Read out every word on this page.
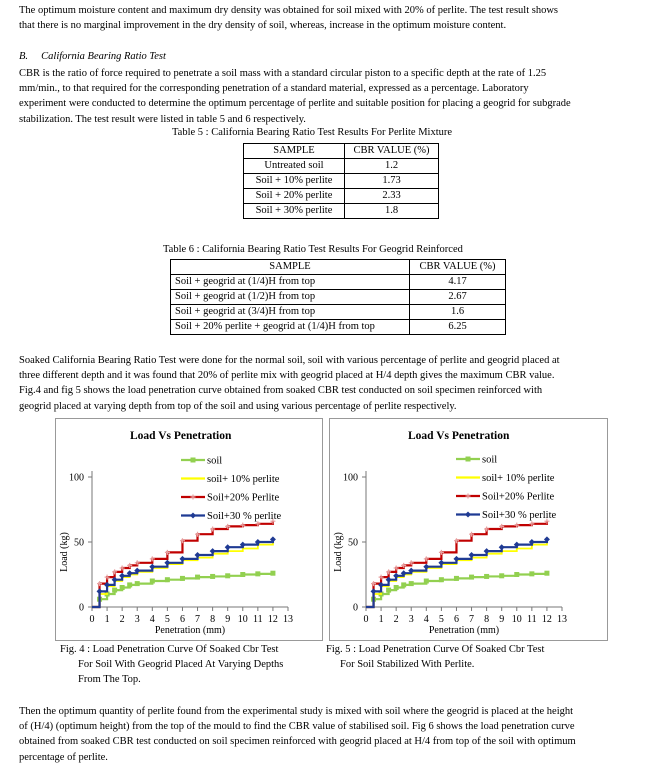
The optimum moisture content and maximum dry density was obtained for soil mixed with 20% of perlite. The test result shows
that there is no marginal improvement in the dry density of soil, whereas, increase in the optimum moisture content.
B.     California Bearing Ratio Test
CBR is the ratio of force required to penetrate a soil mass with a standard circular piston to a specific depth at the rate of 1.25
mm/min., to that required for the corresponding penetration of a standard material, expressed as a percentage. Laboratory
experiment were conducted to determine the optimum percentage of perlite and suitable position for placing a geogrid for subgrade
stabilization. The test result were listed in table 5 and 6 respectively.
Table 5 : California Bearing Ratio Test Results For Perlite Mixture
SAMPLE	CBR VALUE (%)
Untreated soil	1.2
Soil + 10% perlite	1.73
Soil + 20% perlite	2.33
Soil + 30% perlite	1.8
Table 6 : California Bearing Ratio Test Results For Geogrid Reinforced
SAMPLE	CBR VALUE (%)
Soil + geogrid at (1/4)H from top	4.17
Soil + geogrid at (1/2)H from top	2.67
Soil + geogrid at (3/4)H from top	1.6
Soil + 20% perlite + geogrid at (1/4)H from top	6.25
Soaked California Bearing Ratio Test were done for the normal soil, soil with various percentage of perlite and geogrid placed at
three different depth and it was found that 20% of perlite mix with geogrid placed at H/4 depth gives the maximum CBR value.
Fig.4 and fig 5 shows the load penetration curve obtained from soaked CBR test conducted on soil specimen reinforced with
geogrid placed at varying depth from top of the soil and using various percentage of perlite respectively.
Load Vs Penetration
0
50
100
0 1 2 3 4 5 6 7 8 9 10 11 12 13
Penetration (mm)
Load (kg)
soil
soil+ 10% perlite
Soil+20% Perlite
Soil+30 % perlite
Load Vs Penetration
0
50
100
0 1 2 3 4 5 6 7 8 9 10 11 12 13
Penetration (mm)
Load (kg)
soil
soil+ 10% perlite
Soil+20% Perlite
Soil+30 % perlite
Fig. 4 : Load Penetration Curve Of Soaked Cbr Test
For Soil With Geogrid Placed At Varying Depths
From The Top.
Fig. 5 : Load Penetration Curve Of Soaked Cbr Test
For Soil Stabilized With Perlite.
Then the optimum quantity of perlite found from the experimental study is mixed with soil where the geogrid is placed at the height
of (H/4) (optimum height) from the top of the mould to find the CBR value of stabilised soil. Fig 6 shows the load penetration curve
obtained from soaked CBR test conducted on soil specimen reinforced with geogrid placed at H/4 from top of the soil with optimum
percentage of perlite.
